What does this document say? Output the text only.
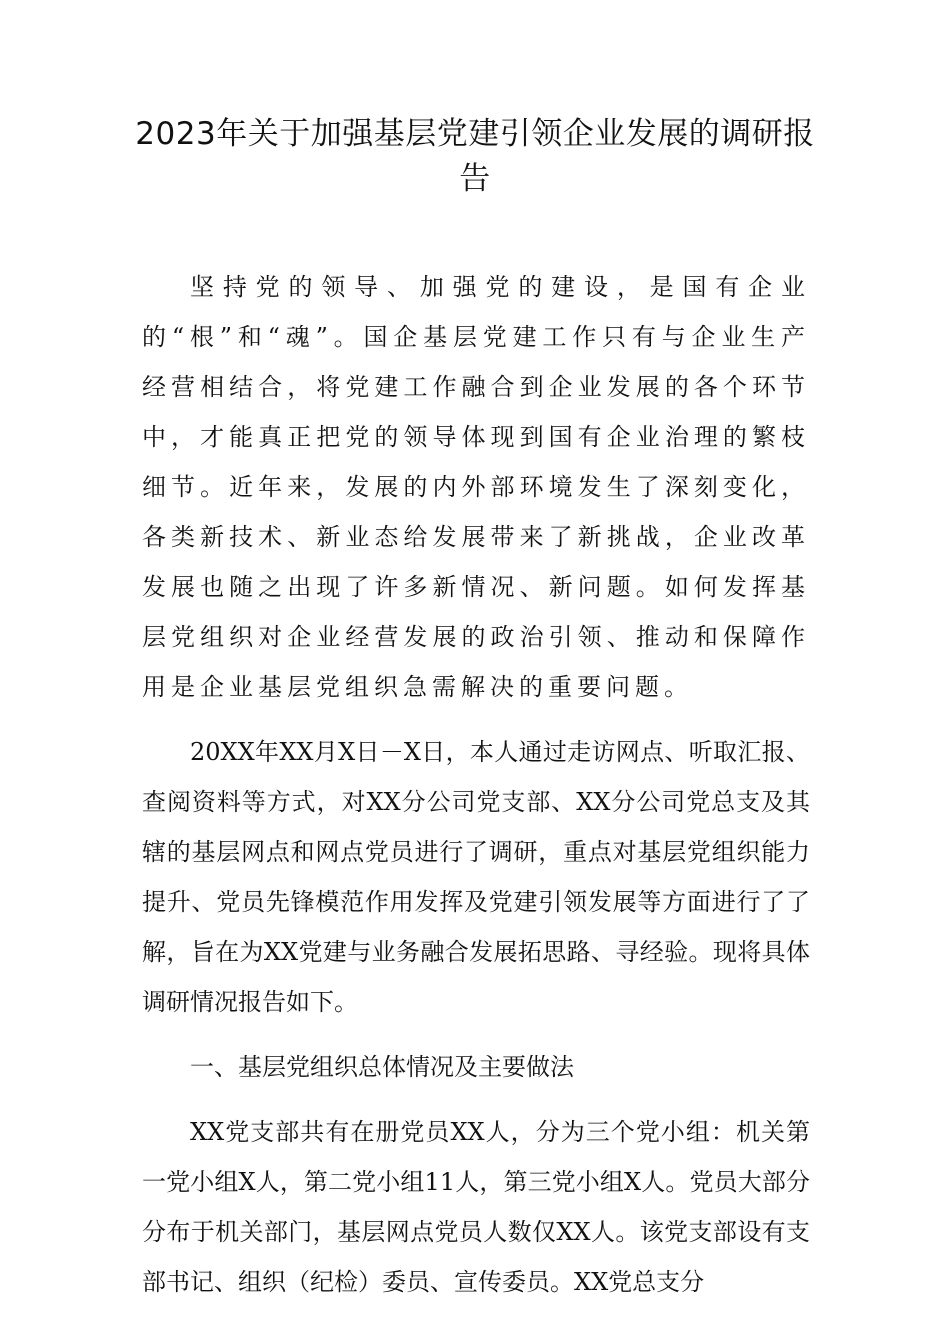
2023年关于加强基层党建引领企业发展的调研报告

坚持党的领导、加强党的建设，是国有企业的“根”和“魂”。国企基层党建工作只有与企业生产经营相结合，将党建工作融合到企业发展的各个环节中，才能真正把党的领导体现到国有企业治理的繁枝细节。近年来，发展的内外部环境发生了深刻变化，各类新技术、新业态给发展带来了新挑战，企业改革发展也随之出现了许多新情况、新问题。如何发挥基层党组织对企业经营发展的政治引领、推动和保障作用是企业基层党组织急需解决的重要问题。

20XX年XX月X日－X日，本人通过走访网点、听取汇报、查阅资料等方式，对XX分公司党支部、XX分公司党总支及其辖的基层网点和网点党员进行了调研，重点对基层党组织能力提升、党员先锋模范作用发挥及党建引领发展等方面进行了了解，旨在为XX党建与业务融合发展拓思路、寻经验。现将具体调研情况报告如下。

一、基层党组织总体情况及主要做法

XX党支部共有在册党员XX人，分为三个党小组：机关第一党小组X人，第二党小组11人，第三党小组X人。党员大部分分布于机关部门，基层网点党员人数仅XX人。该党支部设有支部书记、组织（纪检）委员、宣传委员。XX党总支分
